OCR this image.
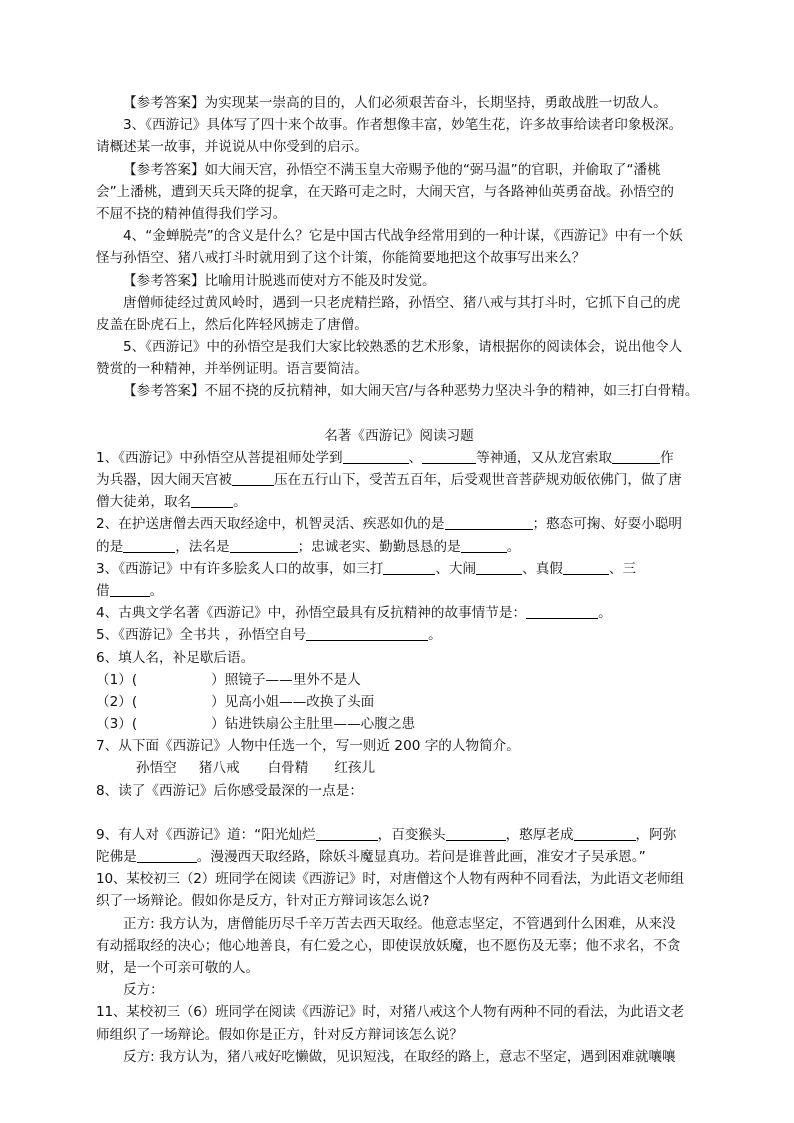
【参考答案】为实现某一崇高的目的，人们必须艰苦奋斗，长期坚持，勇敢战胜一切敌人。
3、《西游记》具体写了四十来个故事。作者想像丰富，妙笔生花，许多故事给读者印象极深。
请概述某一故事，并说说从中你受到的启示。
【参考答案】如大闹天宫，孙悟空不满玉皇大帝赐予他的“弼马温”的官职，并偷取了“潘桃
会”上潘桃，遭到天兵天降的捉拿，在天路可走之时，大闹天宫，与各路神仙英勇奋战。孙悟空的
不屈不挠的精神值得我们学习。
4、“金蝉脱壳”的含义是什么？它是中国古代战争经常用到的一种计谋，《西游记》中有一个妖
怪与孙悟空、猪八戒打斗时就用到了这个计策，你能简要地把这个故事写出来么？
【参考答案】比喻用计脱逃而使对方不能及时发觉。
唐僧师徒经过黄风岭时，遇到一只老虎精拦路，孙悟空、猪八戒与其打斗时，它抓下自己的虎
皮盖在卧虎石上，然后化阵轻风掳走了唐僧。
5、《西游记》中的孙悟空是我们大家比较熟悉的艺术形象，请根据你的阅读体会，说出他令人
赞赏的一种精神，并举例证明。语言要简洁。
【参考答案】不屈不挠的反抗精神，如大闹天宫/与各种恶势力坚决斗争的精神，如三打白骨精。
名著《西游记》阅读习题
1、《西游记》中孙悟空从菩提祖师处学到	、	等神通，又从龙宫索取	作
为兵器，因大闹天宫被	压在五行山下，受苦五百年，后受观世音菩萨规劝皈依佛门，做了唐
僧大徒弟，取名	。
2、在护送唐僧去西天取经途中，机智灵活、疾恶如仇的是	；憨态可掬、好耍小聪明
的是	，法名是	；忠诚老实、勤勤恳恳的是	。
3、《西游记》中有许多脍炙人口的故事，如三打	、大闹	、真假	、三
借	。
4、古典文学名著《西游记》中，孙悟空最具有反抗精神的故事情节是：	。
5、《西游记》全书共 ，孙悟空自号	。
6、填人名，补足歇后语。
（1）(	）照镜子——里外不是人
（2）(	）见高小姐——改换了头面
（3）(	）钻进铁扇公主肚里——心腹之患
7、从下面《西游记》人物中任选一个，写一则近 200 字的人物简介。
孙悟空 猪八戒 白骨精 红孩儿
8、读了《西游记》后你感受最深的一点是：
9、有人对《西游记》道：“阳光灿烂	，百变猴头	，憨厚老成	，阿弥
陀佛是	。漫漫西天取经路，除妖斗魔显真功。若问是谁普此画，准安才子吴承恩。”
10、某校初三（2）班同学在阅读《西游记》时，对唐僧这个人物有两种不同看法，为此语文老师组
织了一场辩论。假如你是反方，针对正方辩词该怎么说?
正方: 我方认为，唐僧能历尽千辛万苦去西天取经。他意志坚定，不管遇到什么困难，从来没
有动摇取经的决心；他心地善良，有仁爱之心，即使误放妖魔，也不愿伤及无辜；他不求名，不贪
财，是一个可亲可敬的人。
反方：
11、某校初三（6）班同学在阅读《西游记》时，对猪八戒这个人物有两种不同的看法，为此语文老
师组织了一场辩论。假如你是正方，针对反方辩词该怎么说？
反方: 我方认为，猪八戒好吃懒做，见识短浅，在取经的路上，意志不坚定，遇到困难就嚷嚷
